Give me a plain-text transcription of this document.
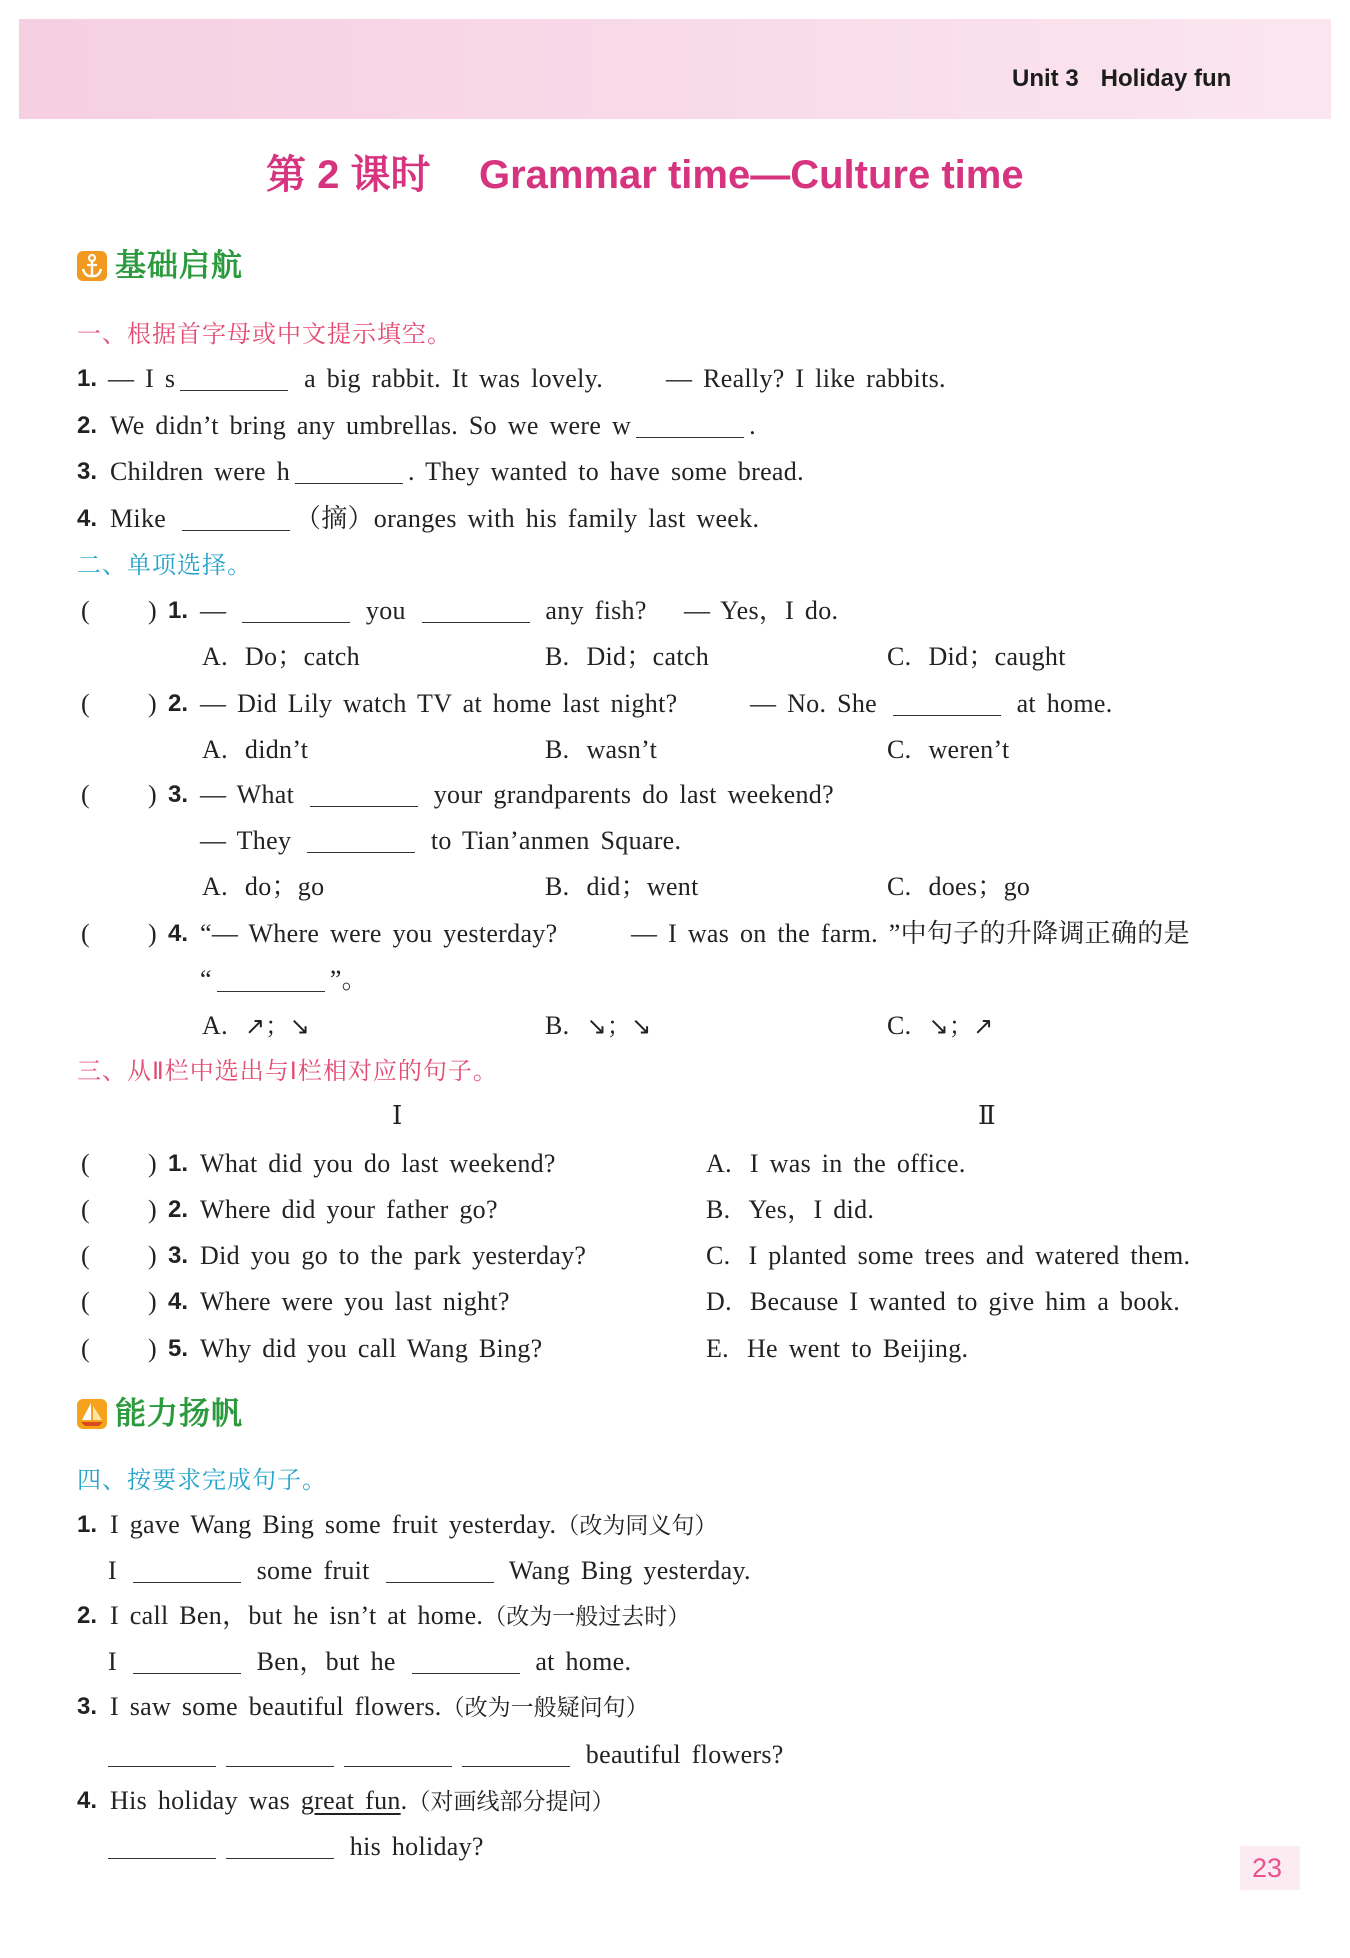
Unit 3 Holiday fun
第 2 课时 Grammar time—Culture time
基础启航
一、根据首字母或中文提示填空。
1. — I s	a big rabbit. It was lovely. — Really? I like rabbits.
2. We didn’t bring any umbrellas. So we were w	.
3. Children were h	. They wanted to have some bread.
4. Mike	（摘）oranges with his family last week.
二、单项选择。
( ) 1. —	you	any fish? — Yes，I do.
A. Do；catch	B. Did；catch	C. Did；caught
( ) 2. — Did Lily watch TV at home last night?	— No. She	at home.
A. didn’t	B. wasn’t	C. weren’t
( ) 3. — What	your grandparents do last weekend?
— They	to Tian’anmen Square.
A. do；go	B. did；went	C. does；go
( ) 4. “— Where were you yesterday?	— I was on the farm. ”中句子的升降调正确的是
“	”。
A. ↗；↘	B. ↘；↘	C. ↘；↗
三、从Ⅱ栏中选出与Ⅰ栏相对应的句子。
Ⅰ	Ⅱ
( ) 1. What did you do last weekend?	A. I was in the office.
( ) 2. Where did your father go?	B. Yes，I did.
( ) 3. Did you go to the park yesterday?	C. I planted some trees and watered them.
( ) 4. Where were you last night?	D. Because I wanted to give him a book.
( ) 5. Why did you call Wang Bing?	E. He went to Beijing.
能力扬帆
四、按要求完成句子。
1. I gave Wang Bing some fruit yesterday.（改为同义句）
I	some fruit	Wang Bing yesterday.
2. I call Ben，but he isn’t at home.（改为一般过去时）
I	Ben，but he	at home.
3. I saw some beautiful flowers.（改为一般疑问句）
beautiful flowers?
4. His holiday was great fun.（对画线部分提问）
his holiday?
23
